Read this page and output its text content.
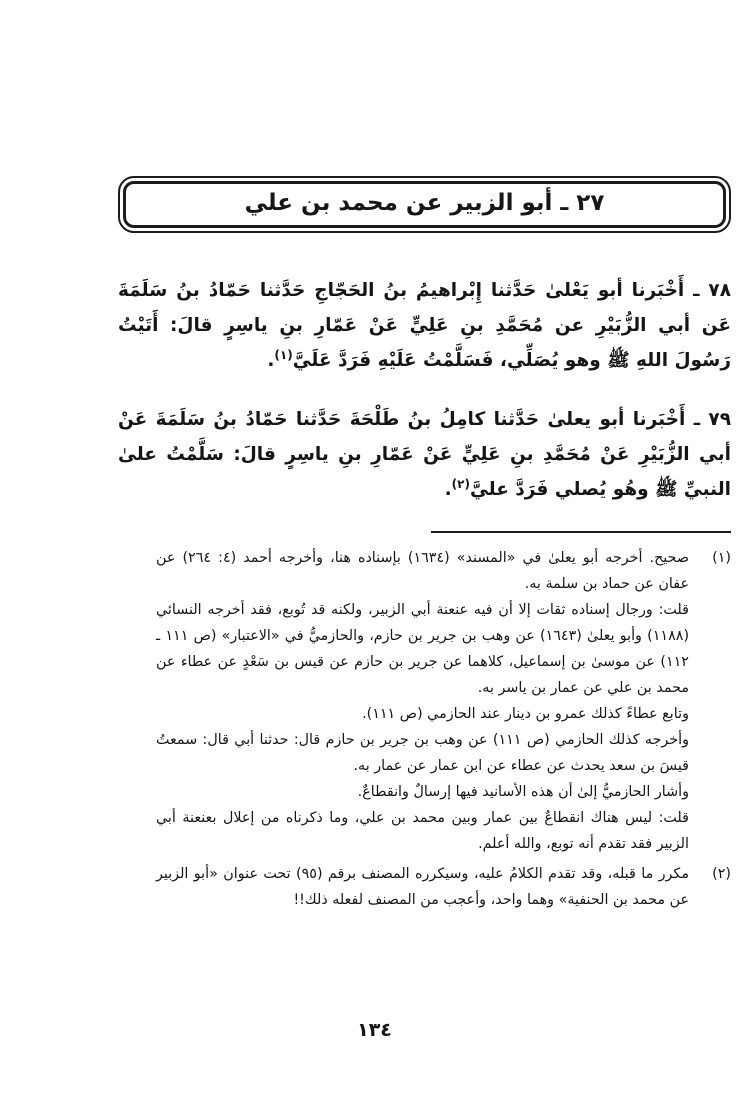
٢٧ ـ أبو الزبير عن محمد بن علي

٧٨ ـ أَخْبَرنا أبو يَعْلىٰ حَدَّثنا إِبْراهيمُ بنُ الحَجّاجِ حَدَّثنا حَمّادُ بنُ سَلَمَةَ عَن أبي الزُّبَيْرِ عن مُحَمَّدِ بنِ عَلِيٍّ عَنْ عَمّارِ بنِ ياسِرٍ قالَ: أَتَيْتُ رَسُولَ اللهِ ﷺ وهو يُصَلِّي، فَسَلَّمْتُ عَلَيْهِ فَرَدَّ عَلَيَّ$^{(١)}$.

٧٩ ـ أَخْبَرنا أبو يعلىٰ حَدَّثنا كامِلُ بنُ طَلْحَةَ حَدَّثنا حَمّادُ بنُ سَلَمَةَ عَنْ أبي الزُّبَيْرِ عَنْ مُحَمَّدِ بنِ عَلِيٍّ عَنْ عَمّارِ بنِ ياسِرٍ قالَ: سَلَّمْتُ علىٰ النبيِّ ﷺ وهُو يُصلي فَرَدَّ عليَّ$^{(٢)}$.

(١)

صحيح. أخرجه أبو يعلىٰ في «المسند» (١٦٣٤) بإسناده هنا، وأخرجه أحمد (٤: ٢٦٤) عن عفان عن حماد بن سلمة به.

قلت: ورجال إسناده ثقات إلا أن فيه عنعنة أبي الزبير، ولكنه قد تُوبع، فقد أخرجه النسائي (١١٨٨) وأبو يعلىٰ (١٦٤٣) عن وهب بن جرير بن حازم، والحازميُّ في «الاعتبار» (ص ١١١ ـ ١١٢) عن موسىٰ بن إسماعيل، كلاهما عن جرير بن حازم عن قيس بن سَعْدٍ عن عطاء عن محمد بن علي عن عمار بن ياسر به.

وتابع عطاءً كذلك عمرو بن دينار عند الحازمي (ص ١١١).

وأخرجه كذلك الحازمي (ص ١١١) عن وهب بن جرير بن حازم قال: حدثنا أبي قال: سمعتُ قيسَ بن سعد يحدث عن عطاء عن ابن عمار عن عمار به.

وأشار الحازميُّ إلىٰ أن هذه الأسانيد فيها إرسالٌ وانقطاعٌ.

قلت: ليس هناك انقطاعٌ بين عمار وبين محمد بن علي، وما ذكرناه من إعلال بعنعنة أبي الزبير فقد تقدم أنه توبع، والله أعلم.

(٢)

مكرر ما قبله، وقد تقدم الكلامُ عليه، وسيكرره المصنف برقم (٩٥) تحت عنوان «أبو الزبير عن محمد بن الحنفية» وهما واحد، وأعجب من المصنف لفعله ذلك!!

١٣٤
